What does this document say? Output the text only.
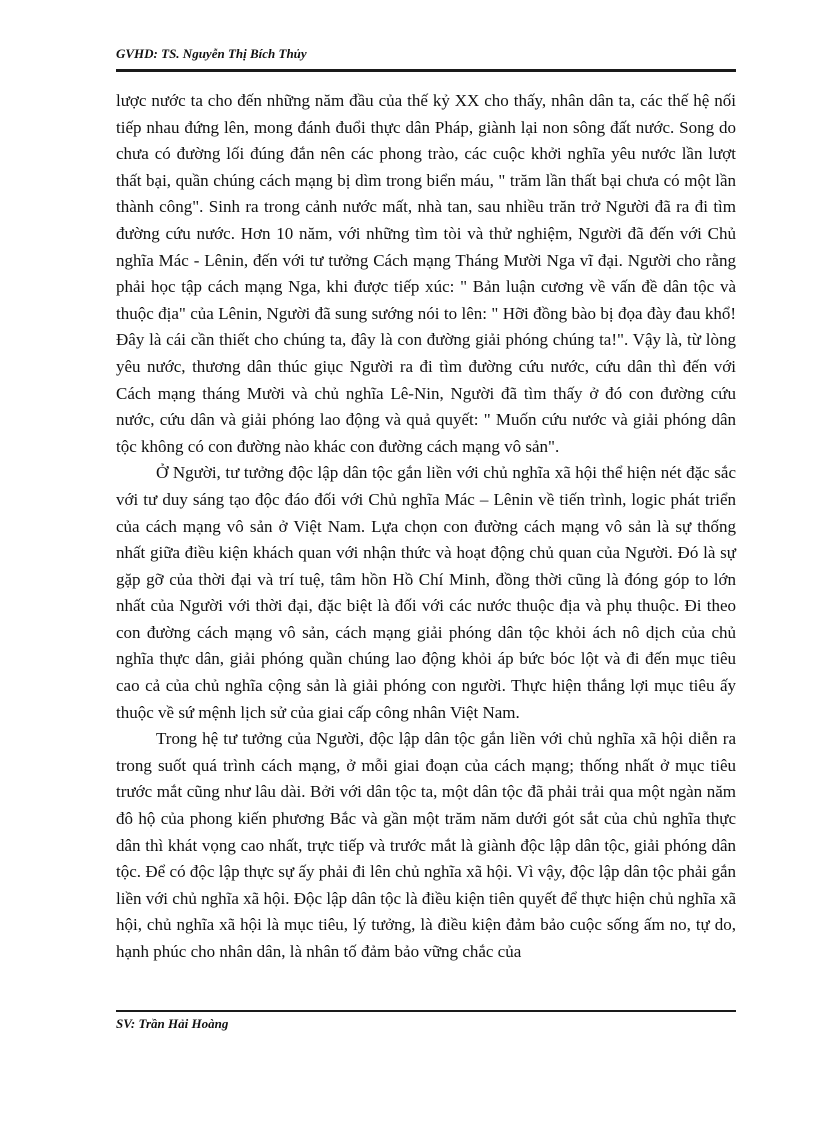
GVHD: TS. Nguyễn Thị Bích Thủy

lược nước ta cho đến những năm đầu của thế kỷ XX cho thấy, nhân dân ta, các thế hệ nối tiếp nhau đứng lên, mong đánh đuổi thực dân Pháp, giành lại non sông đất nước. Song do chưa có đường lối đúng đắn nên các phong trào, các cuộc khởi nghĩa yêu nước lần lượt thất bại, quần chúng cách mạng bị dìm trong biển máu, " trăm lần thất bại chưa có một lần thành công". Sinh ra trong cảnh nước mất, nhà tan, sau nhiều trăn trở Người đã ra đi tìm đường cứu nước. Hơn 10 năm, với những tìm tòi và thử nghiệm, Người đã đến với Chủ nghĩa Mác - Lênin, đến với tư tưởng Cách mạng Tháng Mười Nga vĩ đại. Người cho rằng phải học tập cách mạng Nga, khi được tiếp xúc: " Bản luận cương về vấn đề dân tộc và thuộc địa" của Lênin, Người đã sung sướng nói to lên: " Hỡi đồng bào bị đọa đày đau khổ! Đây là cái cần thiết cho chúng ta, đây là con đường giải phóng chúng ta!". Vậy là, từ lòng yêu nước, thương dân thúc giục Người ra đi tìm đường cứu nước, cứu dân thì đến với Cách mạng tháng Mười và chủ nghĩa Lê-Nin, Người đã tìm thấy ở đó con đường cứu nước, cứu dân và giải phóng lao động và quả quyết: " Muốn cứu nước và giải phóng dân tộc không có con đường nào khác con đường cách mạng vô sản".

Ở Người, tư tưởng độc lập dân tộc gắn liền với chủ nghĩa xã hội thể hiện nét đặc sắc với tư duy sáng tạo độc đáo đối với Chủ nghĩa Mác – Lênin về tiến trình, logic phát triển của cách mạng vô sản ở Việt Nam. Lựa chọn con đường cách mạng vô sản là sự thống nhất giữa điều kiện khách quan với nhận thức và hoạt động chủ quan của Người. Đó là sự gặp gỡ của thời đại và trí tuệ, tâm hồn Hồ Chí Minh, đồng thời cũng là đóng góp to lớn nhất của Người với thời đại, đặc biệt là đối với các nước thuộc địa và phụ thuộc. Đi theo con đường cách mạng vô sản, cách mạng giải phóng dân tộc khỏi ách nô dịch của chủ nghĩa thực dân, giải phóng quần chúng lao động khỏi áp bức bóc lột và đi đến mục tiêu cao cả của chủ nghĩa cộng sản là giải phóng con người. Thực hiện thắng lợi mục tiêu ấy thuộc về sứ mệnh lịch sử của giai cấp công nhân Việt Nam.

Trong hệ tư tưởng của Người, độc lập dân tộc gắn liền với chủ nghĩa xã hội diễn ra trong suốt quá trình cách mạng, ở mỗi giai đoạn của cách mạng; thống nhất ở mục tiêu trước mắt cũng như lâu dài. Bởi với dân tộc ta, một dân tộc đã phải trải qua một ngàn năm đô hộ của phong kiến phương Bắc và gần một trăm năm dưới gót sắt của chủ nghĩa thực dân thì khát vọng cao nhất, trực tiếp và trước mắt là giành độc lập dân tộc, giải phóng dân tộc. Để có độc lập thực sự ấy phải đi lên chủ nghĩa xã hội. Vì vậy, độc lập dân tộc phải gắn liền với chủ nghĩa xã hội. Độc lập dân tộc là điều kiện tiên quyết để thực hiện chủ nghĩa xã hội, chủ nghĩa xã hội là mục tiêu, lý tưởng, là điều kiện đảm bảo cuộc sống ấm no, tự do, hạnh phúc cho nhân dân, là nhân tố đảm bảo vững chắc của

SV: Trần Hải Hoàng
